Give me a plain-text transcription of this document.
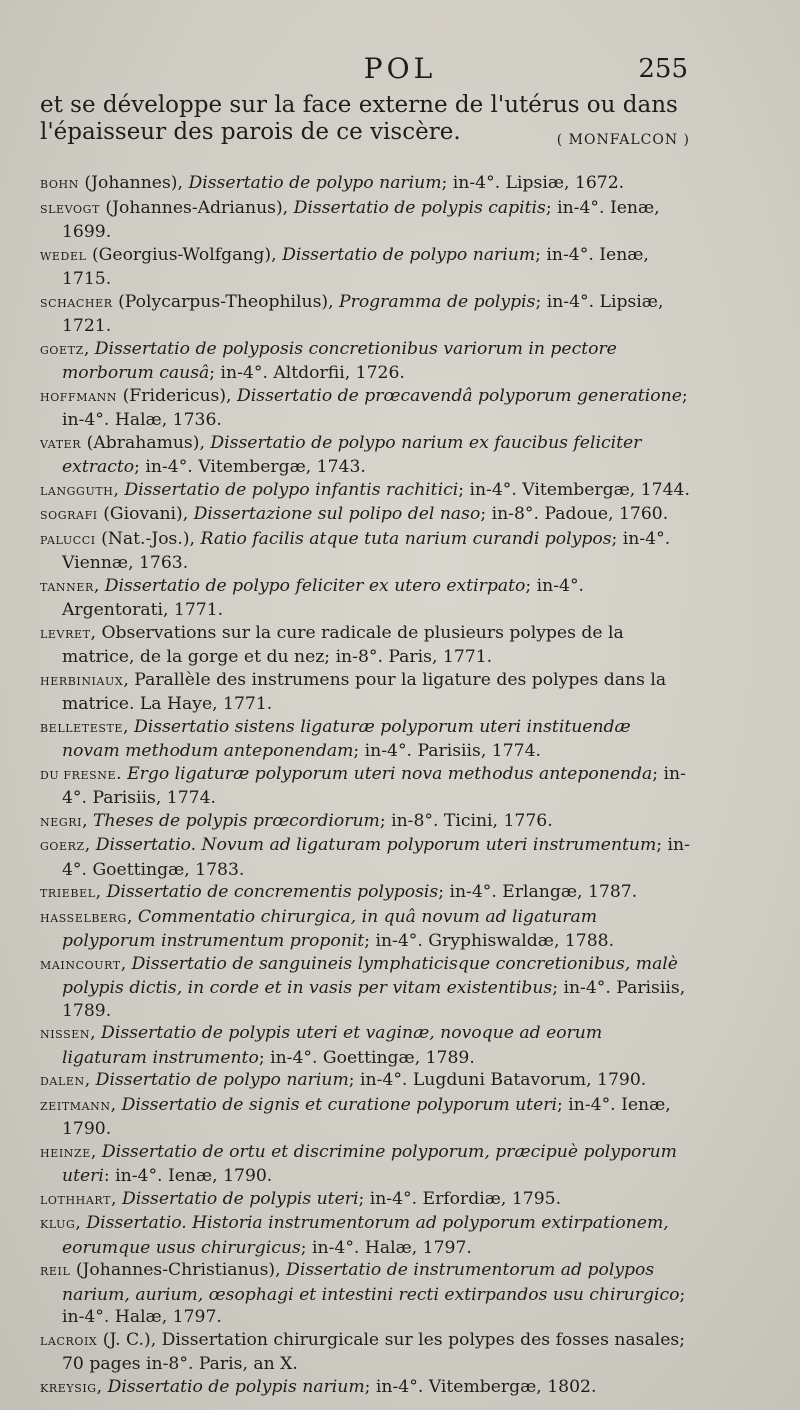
POL	255

et se développe sur la face externe de l'utérus ou dans l'épaisseur des parois de ce viscère.	( MONFALCON )

BOHN (Johannes), Dissertatio de polypo narium; in-4°. Lipsiæ, 1672.

SLEVOGT (Johannes-Adrianus), Dissertatio de polypis capitis; in-4°. Ienæ, 1699.

WEDEL (Georgius-Wolfgang), Dissertatio de polypo narium; in-4°. Ienæ, 1715.

SCHACHER (Polycarpus-Theophilus), Programma de polypis; in-4°. Lipsiæ, 1721.

GOETZ, Dissertatio de polyposis concretionibus variorum in pectore morborum causâ; in-4°. Altdorfii, 1726.

HOFFMANN (Fridericus), Dissertatio de prœcavendâ polyporum generatione; in-4°. Halæ, 1736.

VATER (Abrahamus), Dissertatio de polypo narium ex faucibus feliciter extracto; in-4°. Vitembergæ, 1743.

LANGGUTH, Dissertatio de polypo infantis rachitici; in-4°. Vitembergæ, 1744.

SOGRAFI (Giovani), Dissertazione sul polipo del naso; in-8°. Padoue, 1760.

PALUCCI (Nat.-Jos.), Ratio facilis atque tuta narium curandi polypos; in-4°. Viennæ, 1763.

TANNER, Dissertatio de polypo feliciter ex utero extirpato; in-4°. Argentorati, 1771.

LEVRET, Observations sur la cure radicale de plusieurs polypes de la matrice, de la gorge et du nez; in-8°. Paris, 1771.

HERBINIAUX, Parallèle des instrumens pour la ligature des polypes dans la matrice. La Haye, 1771.

BELLETESTE, Dissertatio sistens ligaturæ polyporum uteri instituendæ novam methodum anteponendam; in-4°. Parisiis, 1774.

DU FRESNE. Ergo ligaturæ polyporum uteri nova methodus anteponenda; in-4°. Parisiis, 1774.

NEGRI, Theses de polypis prœcordiorum; in-8°. Ticini, 1776.

GOERZ, Dissertatio. Novum ad ligaturam polyporum uteri instrumentum; in-4°. Goettingæ, 1783.

TRIEBEL, Dissertatio de concrementis polyposis; in-4°. Erlangæ, 1787.

HASSELBERG, Commentatio chirurgica, in quâ novum ad ligaturam polyporum instrumentum proponit; in-4°. Gryphiswaldæ, 1788.

MAINCOURT, Dissertatio de sanguineis lymphaticisque concretionibus, malè polypis dictis, in corde et in vasis per vitam existentibus; in-4°. Parisiis, 1789.

NISSEN, Dissertatio de polypis uteri et vaginæ, novoque ad eorum ligaturam instrumento; in-4°. Goettingæ, 1789.

DALEN, Dissertatio de polypo narium; in-4°. Lugduni Batavorum, 1790.

ZEITMANN, Dissertatio de signis et curatione polyporum uteri; in-4°. Ienæ, 1790.

HEINZE, Dissertatio de ortu et discrimine polyporum, præcipuè polyporum uteri: in-4°. Ienæ, 1790.

LOTHHART, Dissertatio de polypis uteri; in-4°. Erfordiæ, 1795.

KLUG, Dissertatio. Historia instrumentorum ad polyporum extirpationem, eorumque usus chirurgicus; in-4°. Halæ, 1797.

REIL (Johannes-Christianus), Dissertatio de instrumentorum ad polypos narium, aurium, œsophagi et intestini recti extirpandos usu chirurgico; in-4°. Halæ, 1797.

LACROIX (J. C.), Dissertation chirurgicale sur les polypes des fosses nasales; 70 pages in-8°. Paris, an X.

KREYSIG, Dissertatio de polypis narium; in-4°. Vitembergæ, 1802.
